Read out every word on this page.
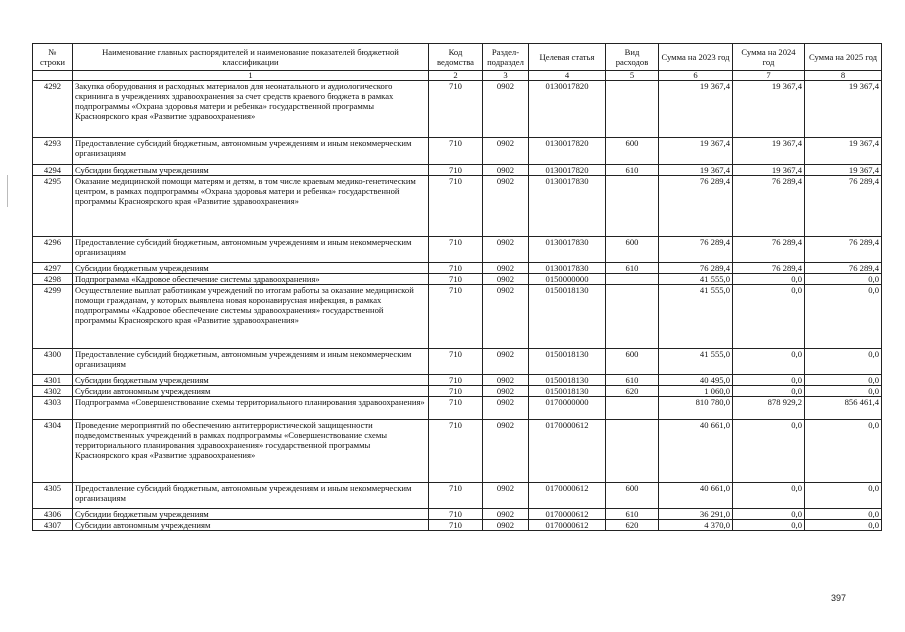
№ строки	Наименование главных распорядителей и наименование показателей бюджетной классификации	Код ведомства	Раздел-подраздел	Целевая статья	Вид расходов	Сумма на 2023 год	Сумма на 2024 год	Сумма на 2025 год
	1	2	3	4	5	6	7	8
4292	Закупка оборудования и расходных материалов для неонатального и аудиологического скрининга в учреждениях здравоохранения за счет средств краевого бюджета в рамках подпрограммы «Охрана здоровья матери и ребенка» государственной программы Красноярского края «Развитие здравоохранения»	710	0902	0130017820		19 367,4	19 367,4	19 367,4
4293	Предоставление субсидий бюджетным, автономным учреждениям и иным некоммерческим организациям	710	0902	0130017820	600	19 367,4	19 367,4	19 367,4
4294	Субсидии бюджетным учреждениям	710	0902	0130017820	610	19 367,4	19 367,4	19 367,4
4295	Оказание медицинской помощи матерям и детям, в том числе краевым медико-генетическим центром, в рамках подпрограммы «Охрана здоровья матери и ребенка» государственной программы Красноярского края «Развитие здравоохранения»	710	0902	0130017830		76 289,4	76 289,4	76 289,4
4296	Предоставление субсидий бюджетным, автономным учреждениям и иным некоммерческим организациям	710	0902	0130017830	600	76 289,4	76 289,4	76 289,4
4297	Субсидии бюджетным учреждениям	710	0902	0130017830	610	76 289,4	76 289,4	76 289,4
4298	Подпрограмма «Кадровое обеспечение системы здравоохранения»	710	0902	0150000000		41 555,0	0,0	0,0
4299	Осуществление выплат работникам учреждений по итогам работы за оказание медицинской помощи гражданам, у которых выявлена новая коронавирусная инфекция, в рамках подпрограммы «Кадровое обеспечение системы здравоохранения» государственной программы Красноярского края «Развитие здравоохранения»	710	0902	0150018130		41 555,0	0,0	0,0
4300	Предоставление субсидий бюджетным, автономным учреждениям и иным некоммерческим организациям	710	0902	0150018130	600	41 555,0	0,0	0,0
4301	Субсидии бюджетным учреждениям	710	0902	0150018130	610	40 495,0	0,0	0,0
4302	Субсидии автономным учреждениям	710	0902	0150018130	620	1 060,0	0,0	0,0
4303	Подпрограмма «Совершенствование схемы территориального планирования здравоохранения»	710	0902	0170000000		810 780,0	878 929,2	856 461,4
4304	Проведение мероприятий по обеспечению антитеррористической защищенности подведомственных учреждений в рамках подпрограммы «Совершенствование схемы территориального планирования здравоохранения» государственной программы Красноярского края «Развитие здравоохранения»	710	0902	0170000612		40 661,0	0,0	0,0
4305	Предоставление субсидий бюджетным, автономным учреждениям и иным некоммерческим организациям	710	0902	0170000612	600	40 661,0	0,0	0,0
4306	Субсидии бюджетным учреждениям	710	0902	0170000612	610	36 291,0	0,0	0,0
4307	Субсидии автономным учреждениям	710	0902	0170000612	620	4 370,0	0,0	0,0
397
